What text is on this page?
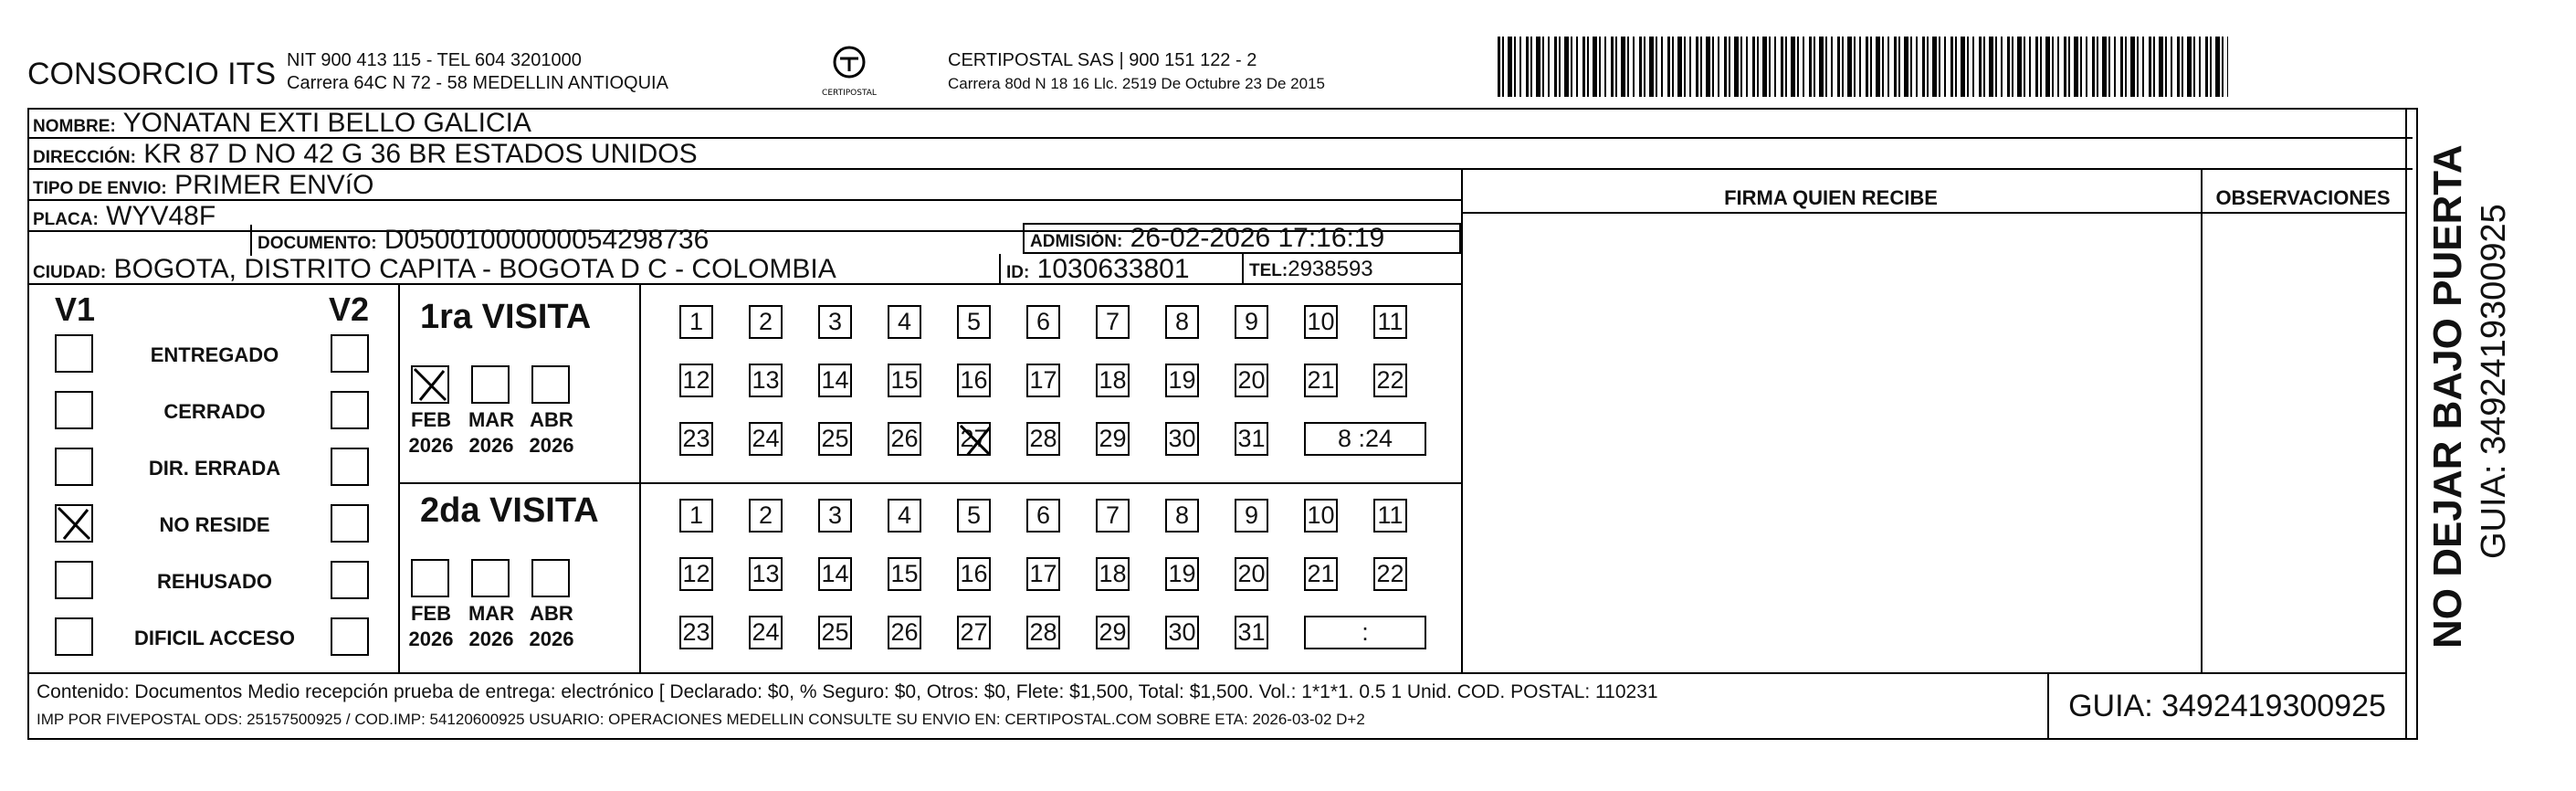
CONSORCIO ITS NIT 900 413 115 - TEL 604 3201000
Carrera 64C N 72 - 58 MEDELLIN ANTIOQUIA	CERTIPOSTAL
CERTIPOSTAL SAS | 900 151 122 - 2
Carrera 80d N 18 16 Llc. 2519 De Octubre 23 De 2015
NOMBRE: YONATAN EXTI BELLO GALICIA
DIRECCIÓN: KR 87 D NO 42 G 36 BR ESTADOS UNIDOS
TIPO DE ENVIO: PRIMER ENVíO
PLACA: WYV48F
DOCUMENTO: D05001000000054298736	ADMISIÓN: 26-02-2026 17:16:19
CIUDAD: BOGOTA, DISTRITO CAPITA - BOGOTA D C - COLOMBIA	ID: 1030633801	TEL:2938593
FIRMA QUIEN RECIBE	OBSERVACIONES
V1	V2
ENTREGADO
CERRADO
DIR. ERRADA
NO RESIDE
REHUSADO
DIFICIL ACCESO
1ra VISITA
FEB
2026
MAR
2026
ABR
2026
1	2	3	4	5	6	7	8	9	10 11
12 13 14 15 16 17 18 19 20 21 22
23 24 25 26 27 28 29 30 31	8 :24
2da VISITA
FEB
2026
MAR
2026
ABR
2026
1	2	3	4	5	6	7	8	9	10 11
12 13 14 15 16 17 18 19 20 21 22
23 24 25 26 27 28 29 30 31	:
Contenido: Documentos Medio recepción prueba de entrega: electrónico [ Declarado: $0, % Seguro: $0, Otros: $0, Flete: $1,500, Total: $1,500. Vol.: 1*1*1. 0.5 1 Unid. COD. POSTAL: 110231
IMP POR FIVEPOSTAL ODS: 25157500925 / COD.IMP: 54120600925 USUARIO: OPERACIONES MEDELLIN CONSULTE SU ENVIO EN: CERTIPOSTAL.COM SOBRE ETA: 2026-03-02 D+2	GUIA: 3492419300925
NO DEJAR BAJO PUERTA GUIA: 3492419300925
